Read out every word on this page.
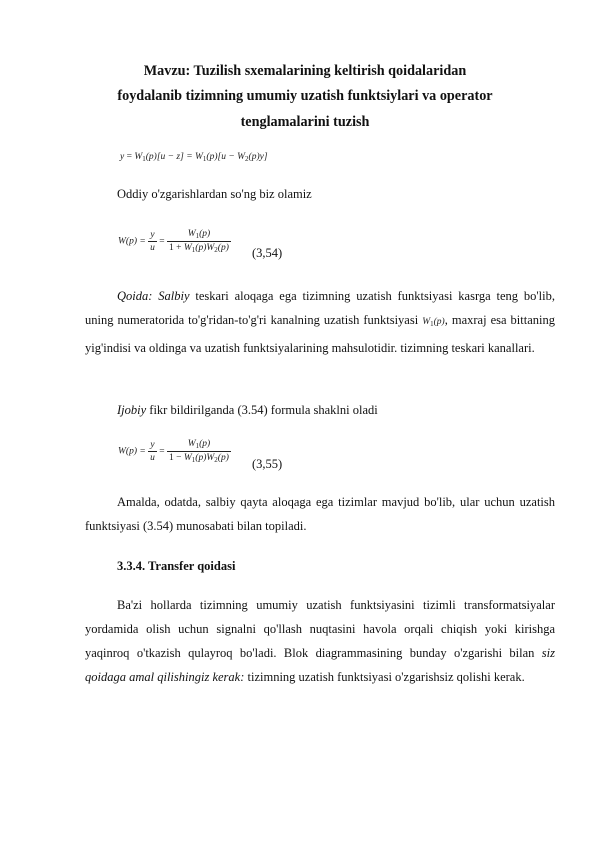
Mavzu: Tuzilish sxemalarining keltirish qoidalaridan
foydalanib tizimning umumiy uzatish funktsiylari va operator
tenglamalarini tuzish
$y = W_1(p)[u - z] = W_1(p)[u - W_2(p)y]$
Oddiy o'zgarishlardan so'ng biz olamiz
$W(p) = \frac{y}{u} = \frac{W_1(p)}{1 + W_1(p)W_2(p)} (3,54)$
Qoida: Salbiy teskari aloqaga ega tizimning uzatish funktsiyasi kasrga teng bo'lib, uning numeratorida to'g'ridan-to'g'ri kanalning uzatish funktsiyasi $W_1(p)$, maxraj esa bittaning yig'indisi va oldinga va uzatish funktsiyalarining mahsulotidir. tizimning teskari kanallari.
Ijobiy fikr bildirilganda (3.54) formula shaklni oladi
$W(p) = \frac{y}{u} = \frac{W_1(p)}{1 - W_1(p)W_2(p)} (3,55)$
Amalda, odatda, salbiy qayta aloqaga ega tizimlar mavjud bo'lib, ular uchun uzatish funktsiyasi (3.54) munosabati bilan topiladi.
3.3.4. Transfer qoidasi
Ba'zi hollarda tizimning umumiy uzatish funktsiyasini tizimli transformatsiyalar yordamida olish uchun signalni qo'llash nuqtasini havola orqali chiqish yoki kirishga yaqinroq o'tkazish qulayroq bo'ladi. Blok diagrammasining bunday o'zgarishi bilan siz qoidaga amal qilishingiz kerak: tizimning uzatish funktsiyasi o'zgarishsiz qolishi kerak.
